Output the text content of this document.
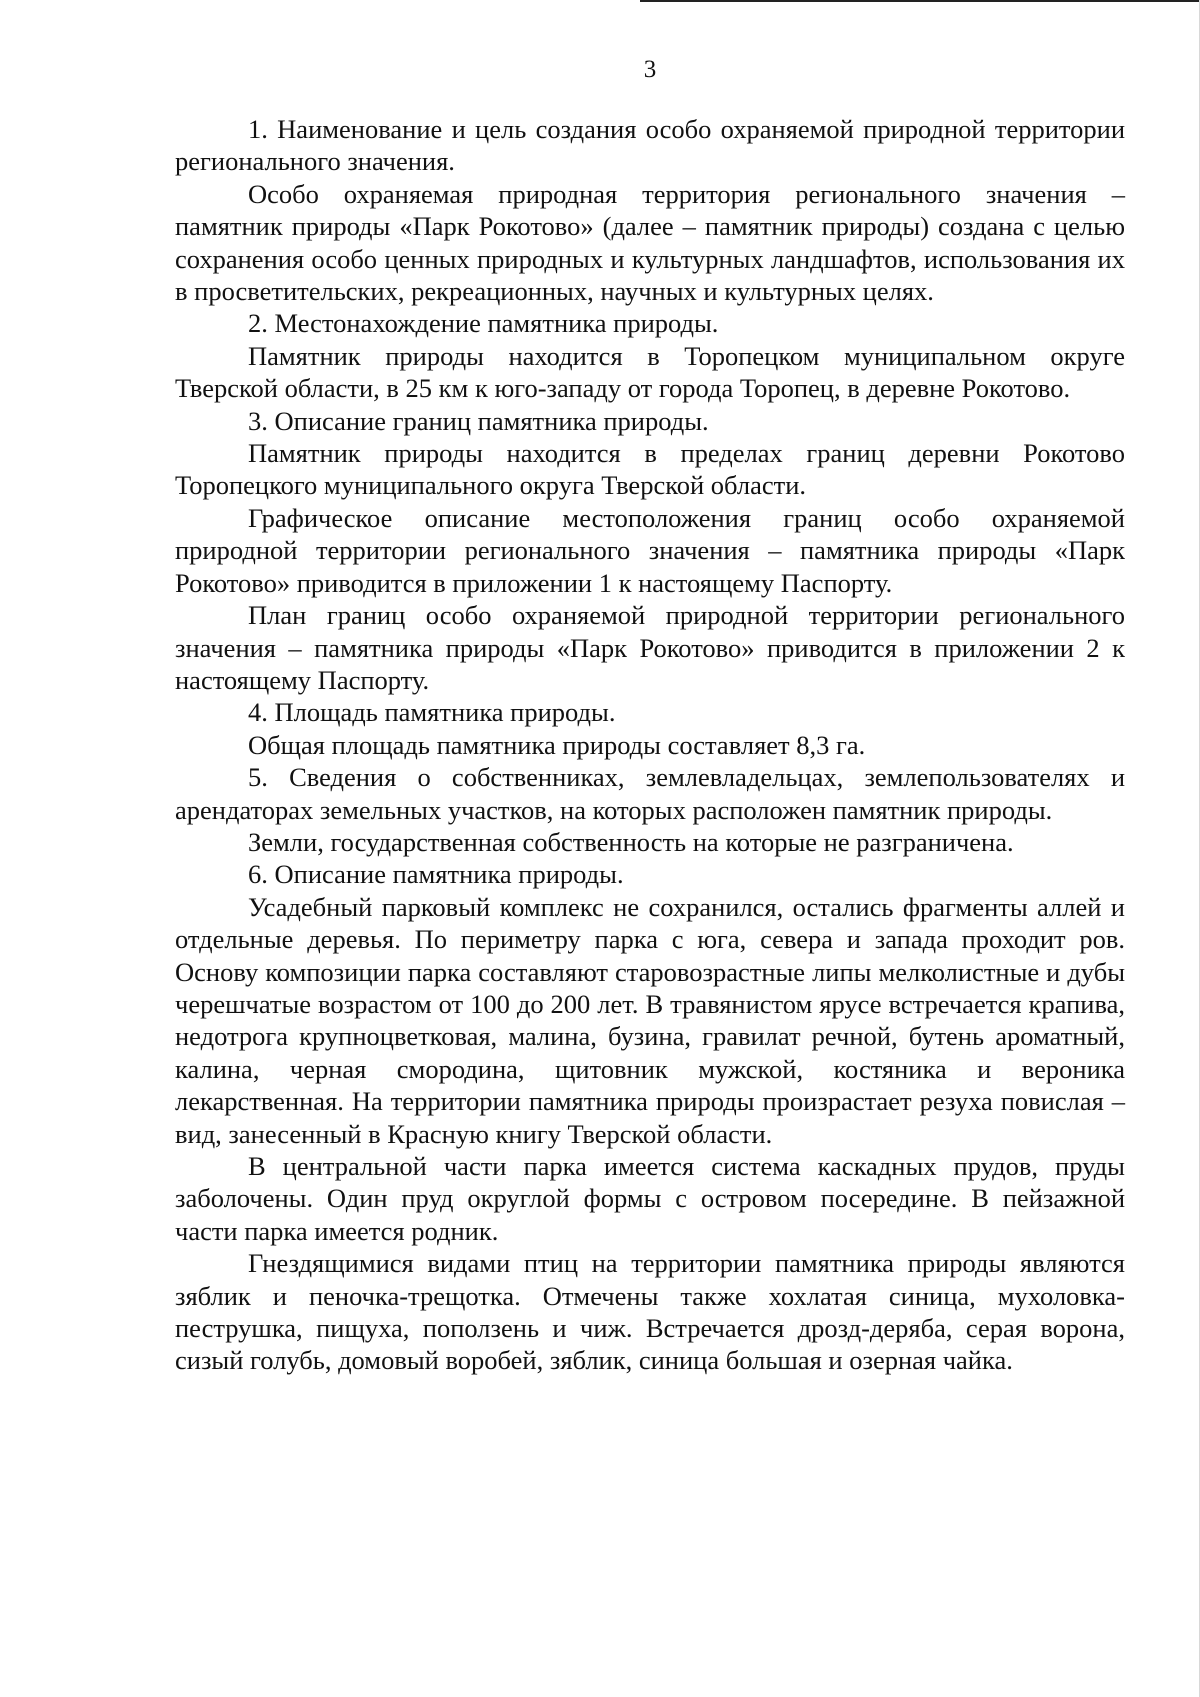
3

1. Наименование и цель создания особо охраняемой природной территории регионального значения.

Особо охраняемая природная территория регионального значения – памятник природы «Парк Рокотово» (далее – памятник природы) создана с целью сохранения особо ценных природных и культурных ландшафтов, использования их в просветительских, рекреационных, научных и культурных целях.

2. Местонахождение памятника природы.

Памятник природы находится в Торопецком муниципальном округе Тверской области, в 25 км к юго-западу от города Торопец, в деревне Рокотово.

3. Описание границ памятника природы.

Памятник природы находится в пределах границ деревни Рокотово Торопецкого муниципального округа Тверской области.

Графическое описание местоположения границ особо охраняемой природной территории регионального значения – памятника природы «Парк Рокотово» приводится в приложении 1 к настоящему Паспорту.

План границ особо охраняемой природной территории регионального значения – памятника природы «Парк Рокотово» приводится в приложении 2 к настоящему Паспорту.

4. Площадь памятника природы.

Общая площадь памятника природы составляет 8,3 га.

5. Сведения о собственниках, землевладельцах, землепользователях и арендаторах земельных участков, на которых расположен памятник природы.

Земли, государственная собственность на которые не разграничена.

6. Описание памятника природы.

Усадебный парковый комплекс не сохранился, остались фрагменты аллей и отдельные деревья. По периметру парка с юга, севера и запада проходит ров. Основу композиции парка составляют старовозрастные липы мелколистные и дубы черешчатые возрастом от 100 до 200 лет. В травянистом ярусе встречается крапива, недотрога крупноцветковая, малина, бузина, гравилат речной, бутень ароматный, калина, черная смородина, щитовник мужской, костяника и вероника лекарственная. На территории памятника природы произрастает резуха повислая – вид, занесенный в Красную книгу Тверской области.

В центральной части парка имеется система каскадных прудов, пруды заболочены. Один пруд округлой формы с островом посередине. В пейзажной части парка имеется родник.

Гнездящимися видами птиц на территории памятника природы являются зяблик и пеночка-трещотка. Отмечены также хохлатая синица, мухоловка-пеструшка, пищуха, поползень и чиж. Встречается дрозд-деряба, серая ворона, сизый голубь, домовый воробей, зяблик, синица большая и озерная чайка.
